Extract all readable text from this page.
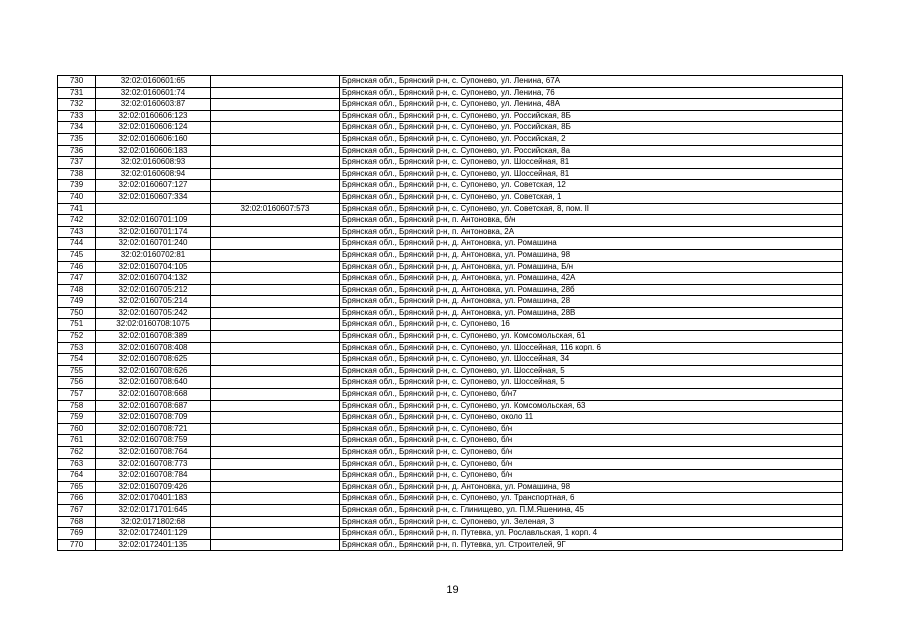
730	32:02:0160601:65		Брянская обл., Брянский р-н, с. Супонево, ул. Ленина, 67А
731	32:02:0160601:74		Брянская обл., Брянский р-н, с. Супонево, ул. Ленина, 76
732	32:02:0160603:87		Брянская обл., Брянский р-н, с. Супонево, ул. Ленина, 48А
733	32:02:0160606:123		Брянская обл., Брянский р-н, с. Супонево, ул. Российская, 8Б
734	32:02:0160606:124		Брянская обл., Брянский р-н, с. Супонево, ул. Российская, 8Б
735	32:02:0160606:160		Брянская обл., Брянский р-н, с. Супонево, ул. Российская, 2
736	32:02:0160606:183		Брянская обл., Брянский р-н, с. Супонево, ул. Российская, 8а
737	32:02:0160608:93		Брянская обл., Брянский р-н, с. Супонево, ул. Шоссейная, 81
738	32:02:0160608:94		Брянская обл., Брянский р-н, с. Супонево, ул. Шоссейная, 81
739	32:02:0160607:127		Брянская обл., Брянский р-н, с. Супонево, ул. Советская, 12
740	32:02:0160607:334		Брянская обл., Брянский р-н, с. Супонево, ул. Советская, 1
741		32:02:0160607:573	Брянская обл., Брянский р-н, с. Супонево, ул. Советская, 8, пом. II
742	32:02:0160701:109		Брянская обл., Брянский р-н, п. Антоновка, б/н
743	32:02:0160701:174		Брянская обл., Брянский р-н, п. Антоновка, 2А
744	32:02:0160701:240		Брянская обл., Брянский р-н, д. Антоновка, ул. Ромашина
745	32:02:0160702:81		Брянская обл., Брянский р-н, д. Антоновка, ул. Ромашина, 98
746	32:02:0160704:105		Брянская обл., Брянский р-н, д. Антоновка, ул. Ромашина, Б/н
747	32:02:0160704:132		Брянская обл., Брянский р-н, д. Антоновка, ул. Ромашина, 42А
748	32:02:0160705:212		Брянская обл., Брянский р-н, д. Антоновка, ул. Ромашина, 28б
749	32:02:0160705:214		Брянская обл., Брянский р-н, д. Антоновка, ул. Ромашина, 28
750	32:02:0160705:242		Брянская обл., Брянский р-н, д. Антоновка, ул. Ромашина, 28В
751	32:02:0160708:1075		Брянская обл., Брянский р-н, с. Супонево, 16
752	32:02:0160708:389		Брянская обл., Брянский р-н, с. Супонево, ул. Комсомольская, 61
753	32:02:0160708:408		Брянская обл., Брянский р-н, с. Супонево, ул. Шоссейная, 116 корп. 6
754	32:02:0160708:625		Брянская обл., Брянский р-н, с. Супонево, ул. Шоссейная, 34
755	32:02:0160708:626		Брянская обл., Брянский р-н, с. Супонево, ул. Шоссейная, 5
756	32:02:0160708:640		Брянская обл., Брянский р-н, с. Супонево, ул. Шоссейная, 5
757	32:02:0160708:668		Брянская обл., Брянский р-н, с. Супонево, б/н7
758	32:02:0160708:687		Брянская обл., Брянский р-н, с. Супонево, ул. Комсомольская, 63
759	32:02:0160708:709		Брянская обл., Брянский р-н, с. Супонево, около 11
760	32:02:0160708:721		Брянская обл., Брянский р-н, с. Супонево, б/н
761	32:02:0160708:759		Брянская обл., Брянский р-н, с. Супонево, б/н
762	32:02:0160708:764		Брянская обл., Брянский р-н, с. Супонево, б/н
763	32:02:0160708:773		Брянская обл., Брянский р-н, с. Супонево, б/н
764	32:02:0160708:784		Брянская обл., Брянский р-н, с. Супонево, б/н
765	32:02:0160709:426		Брянская обл., Брянский р-н, д. Антоновка, ул. Ромашина, 98
766	32:02:0170401:183		Брянская обл., Брянский р-н, с. Супонево, ул. Транспортная, 6
767	32:02:0171701:645		Брянская обл., Брянский р-н, с. Глинищево, ул. П.М.Яшенина, 45
768	32:02:0171802:68		Брянская обл., Брянский р-н, с. Супонево, ул. Зеленая, 3
769	32:02:0172401:129		Брянская обл., Брянский р-н, п. Путевка, ул. Рославльская, 1 корп. 4
770	32:02:0172401:135		Брянская обл., Брянский р-н, п. Путевка, ул. Строителей, 9Г
19
